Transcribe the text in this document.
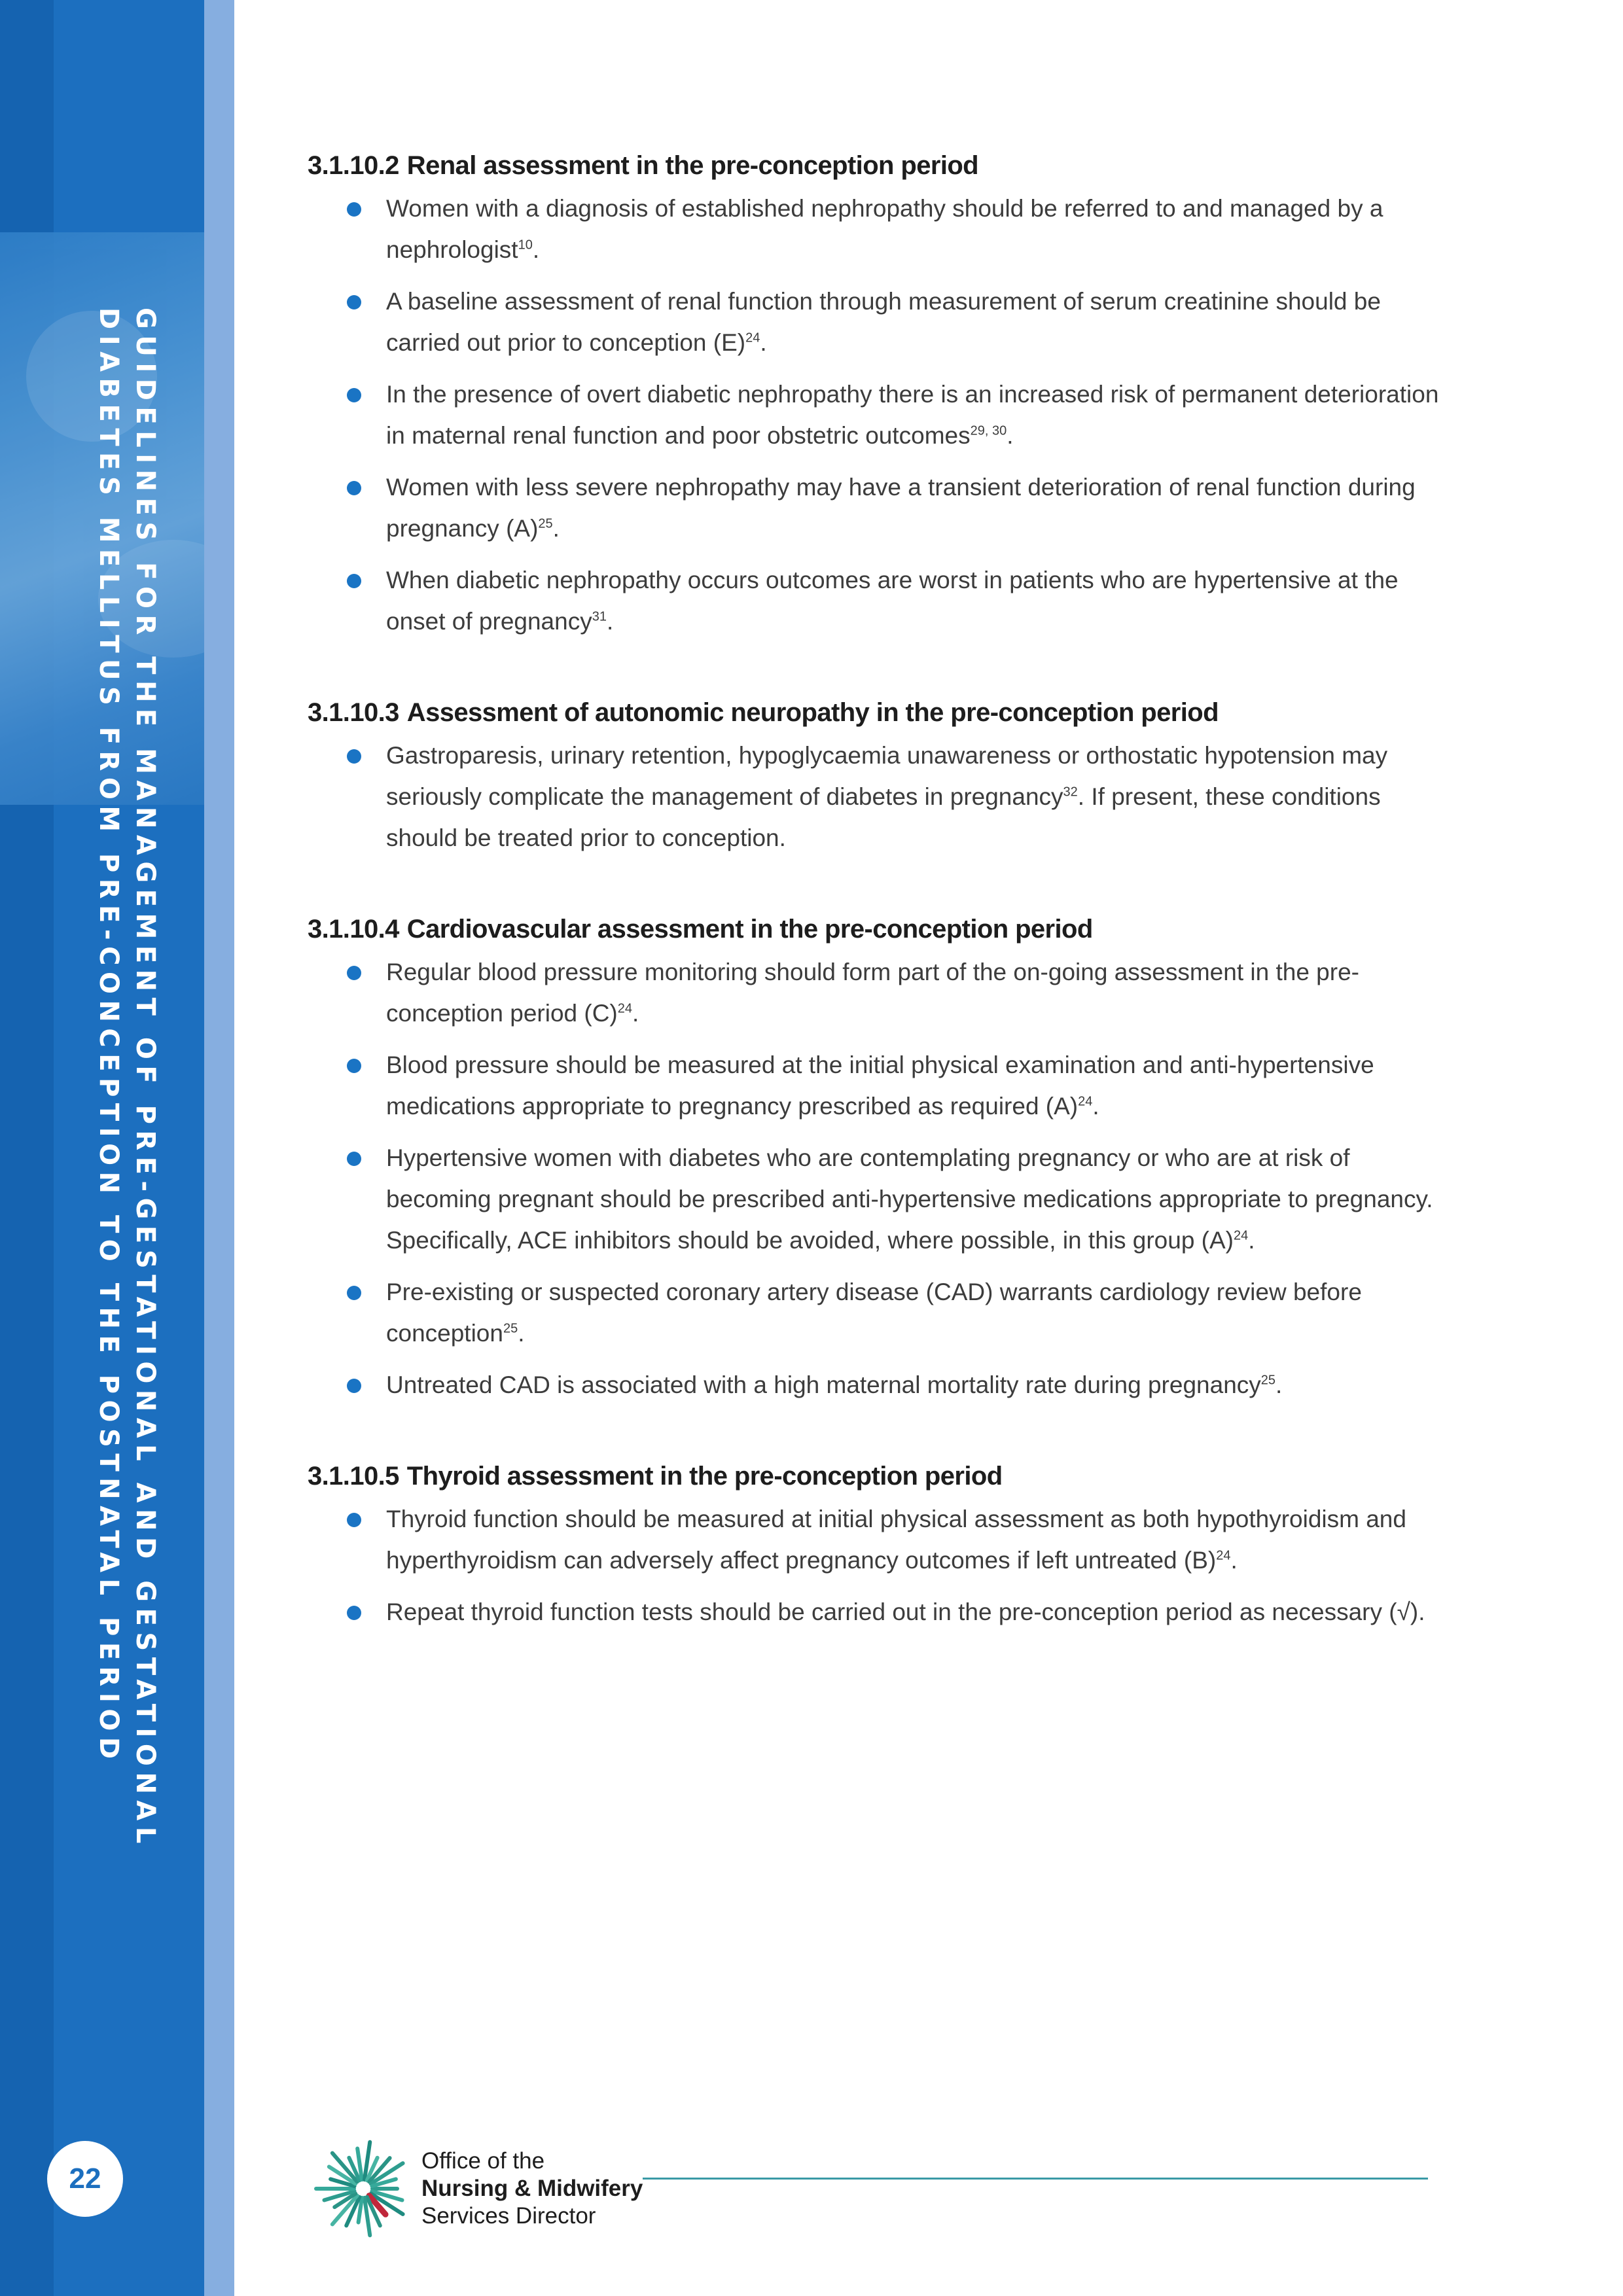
GUIDELINES FOR THE MANAGEMENT OF PRE-GESTATIONAL AND GESTATIONAL
DIABETES MELLITUS FROM PRE-CONCEPTION TO THE POSTNATAL PERIOD
22
3.1.10.2 Renal assessment in the pre-conception period
Women with a diagnosis of established nephropathy should be referred to and managed by a nephrologist$^{10}$.
A baseline assessment of renal function through measurement of serum creatinine should be carried out prior to conception $(E)^{24}$.
In the presence of overt diabetic nephropathy there is an increased risk of permanent deterioration in maternal renal function and poor obstetric outcomes$^{29, 30}$.
Women with less severe nephropathy may have a transient deterioration of renal function during pregnancy $(A)^{25}$.
When diabetic nephropathy occurs outcomes are worst in patients who are hypertensive at the onset of pregnancy$^{31}$.
3.1.10.3 Assessment of autonomic neuropathy in the pre-conception period
Gastroparesis, urinary retention, hypoglycaemia unawareness or orthostatic hypotension may seriously complicate the management of diabetes in pregnancy$^{32}$. If present, these conditions should be treated prior to conception.
3.1.10.4 Cardiovascular assessment in the pre-conception period
Regular blood pressure monitoring should form part of the on-going assessment in the pre-conception period $(C)^{24}$.
Blood pressure should be measured at the initial physical examination and anti-hypertensive medications appropriate to pregnancy prescribed as required $(A)^{24}$.
Hypertensive women with diabetes who are contemplating pregnancy or who are at risk of becoming pregnant should be prescribed anti-hypertensive medications appropriate to pregnancy. Specifically, ACE inhibitors should be avoided, where possible, in this group $(A)^{24}$.
Pre-existing or suspected coronary artery disease (CAD) warrants cardiology review before conception$^{25}$.
Untreated CAD is associated with a high maternal mortality rate during pregnancy$^{25}$.
3.1.10.5 Thyroid assessment in the pre-conception period
Thyroid function should be measured at initial physical assessment as both hypothyroidism and hyperthyroidism can adversely affect pregnancy outcomes if left untreated $(B)^{24}$.
Repeat thyroid function tests should be carried out in the pre-conception period as necessary (√).
Office of the
Nursing & Midwifery
Services Director
